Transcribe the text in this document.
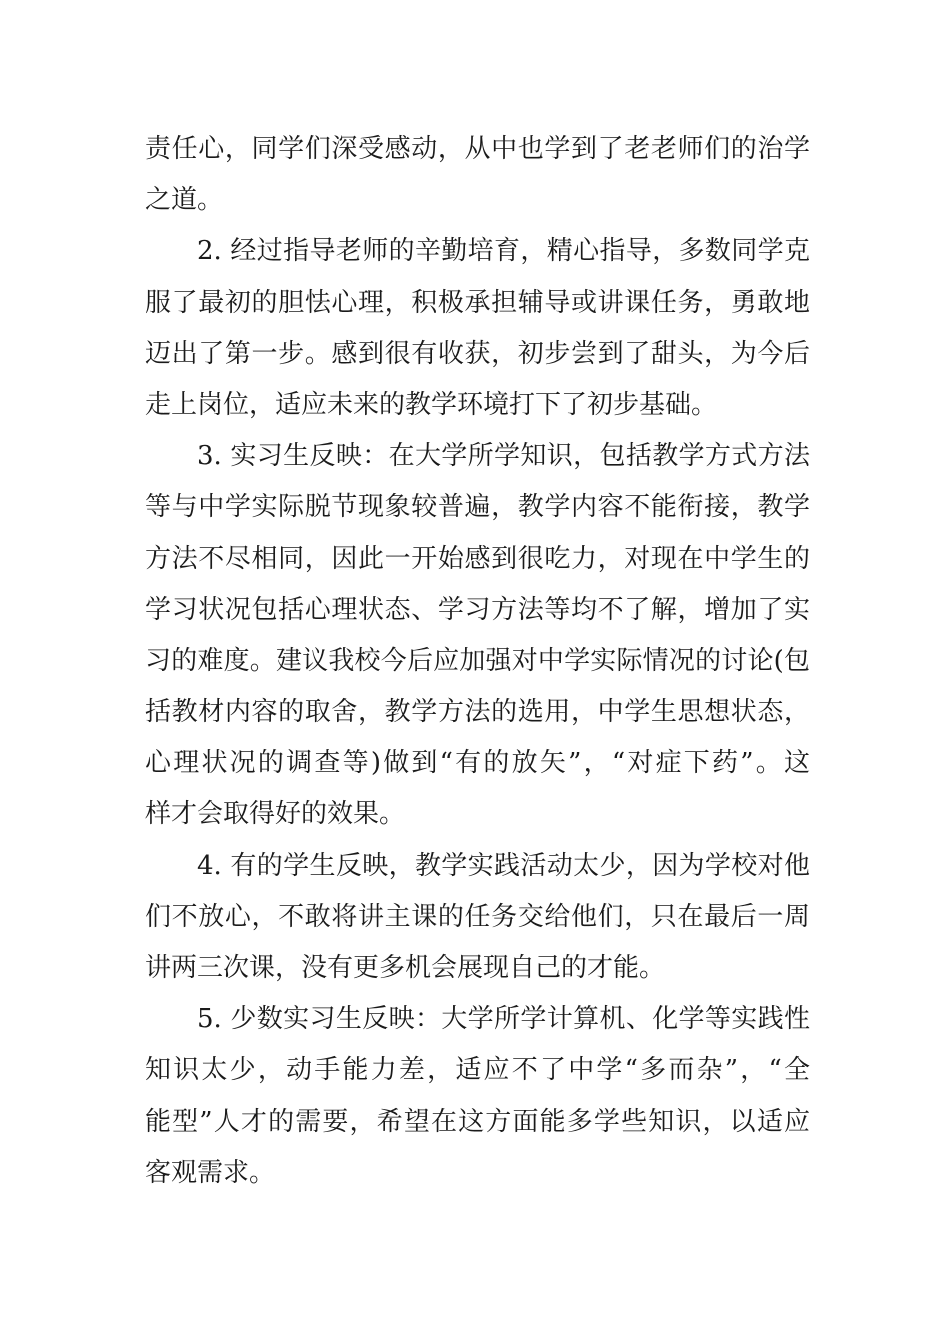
责任心，同学们深受感动，从中也学到了老老师们的治学
之道。
2. 经过指导老师的辛勤培育，精心指导，多数同学克
服了最初的胆怯心理，积极承担辅导或讲课任务，勇敢地
迈出了第一步。感到很有收获，初步尝到了甜头，为今后
走上岗位，适应未来的教学环境打下了初步基础。
3. 实习生反映：在大学所学知识，包括教学方式方法
等与中学实际脱节现象较普遍，教学内容不能衔接，教学
方法不尽相同，因此一开始感到很吃力，对现在中学生的
学习状况包括心理状态、学习方法等均不了解，增加了实
习的难度。建议我校今后应加强对中学实际情况的讨论(包
括教材内容的取舍，教学方法的选用，中学生思想状态，
心理状况的调查等)做到“有的放矢”，“对症下药”。这
样才会取得好的效果。
4. 有的学生反映，教学实践活动太少，因为学校对他
们不放心，不敢将讲主课的任务交给他们，只在最后一周
讲两三次课，没有更多机会展现自己的才能。
5. 少数实习生反映：大学所学计算机、化学等实践性
知识太少，动手能力差，适应不了中学“多而杂”，“全
能型”人才的需要，希望在这方面能多学些知识，以适应
客观需求。
